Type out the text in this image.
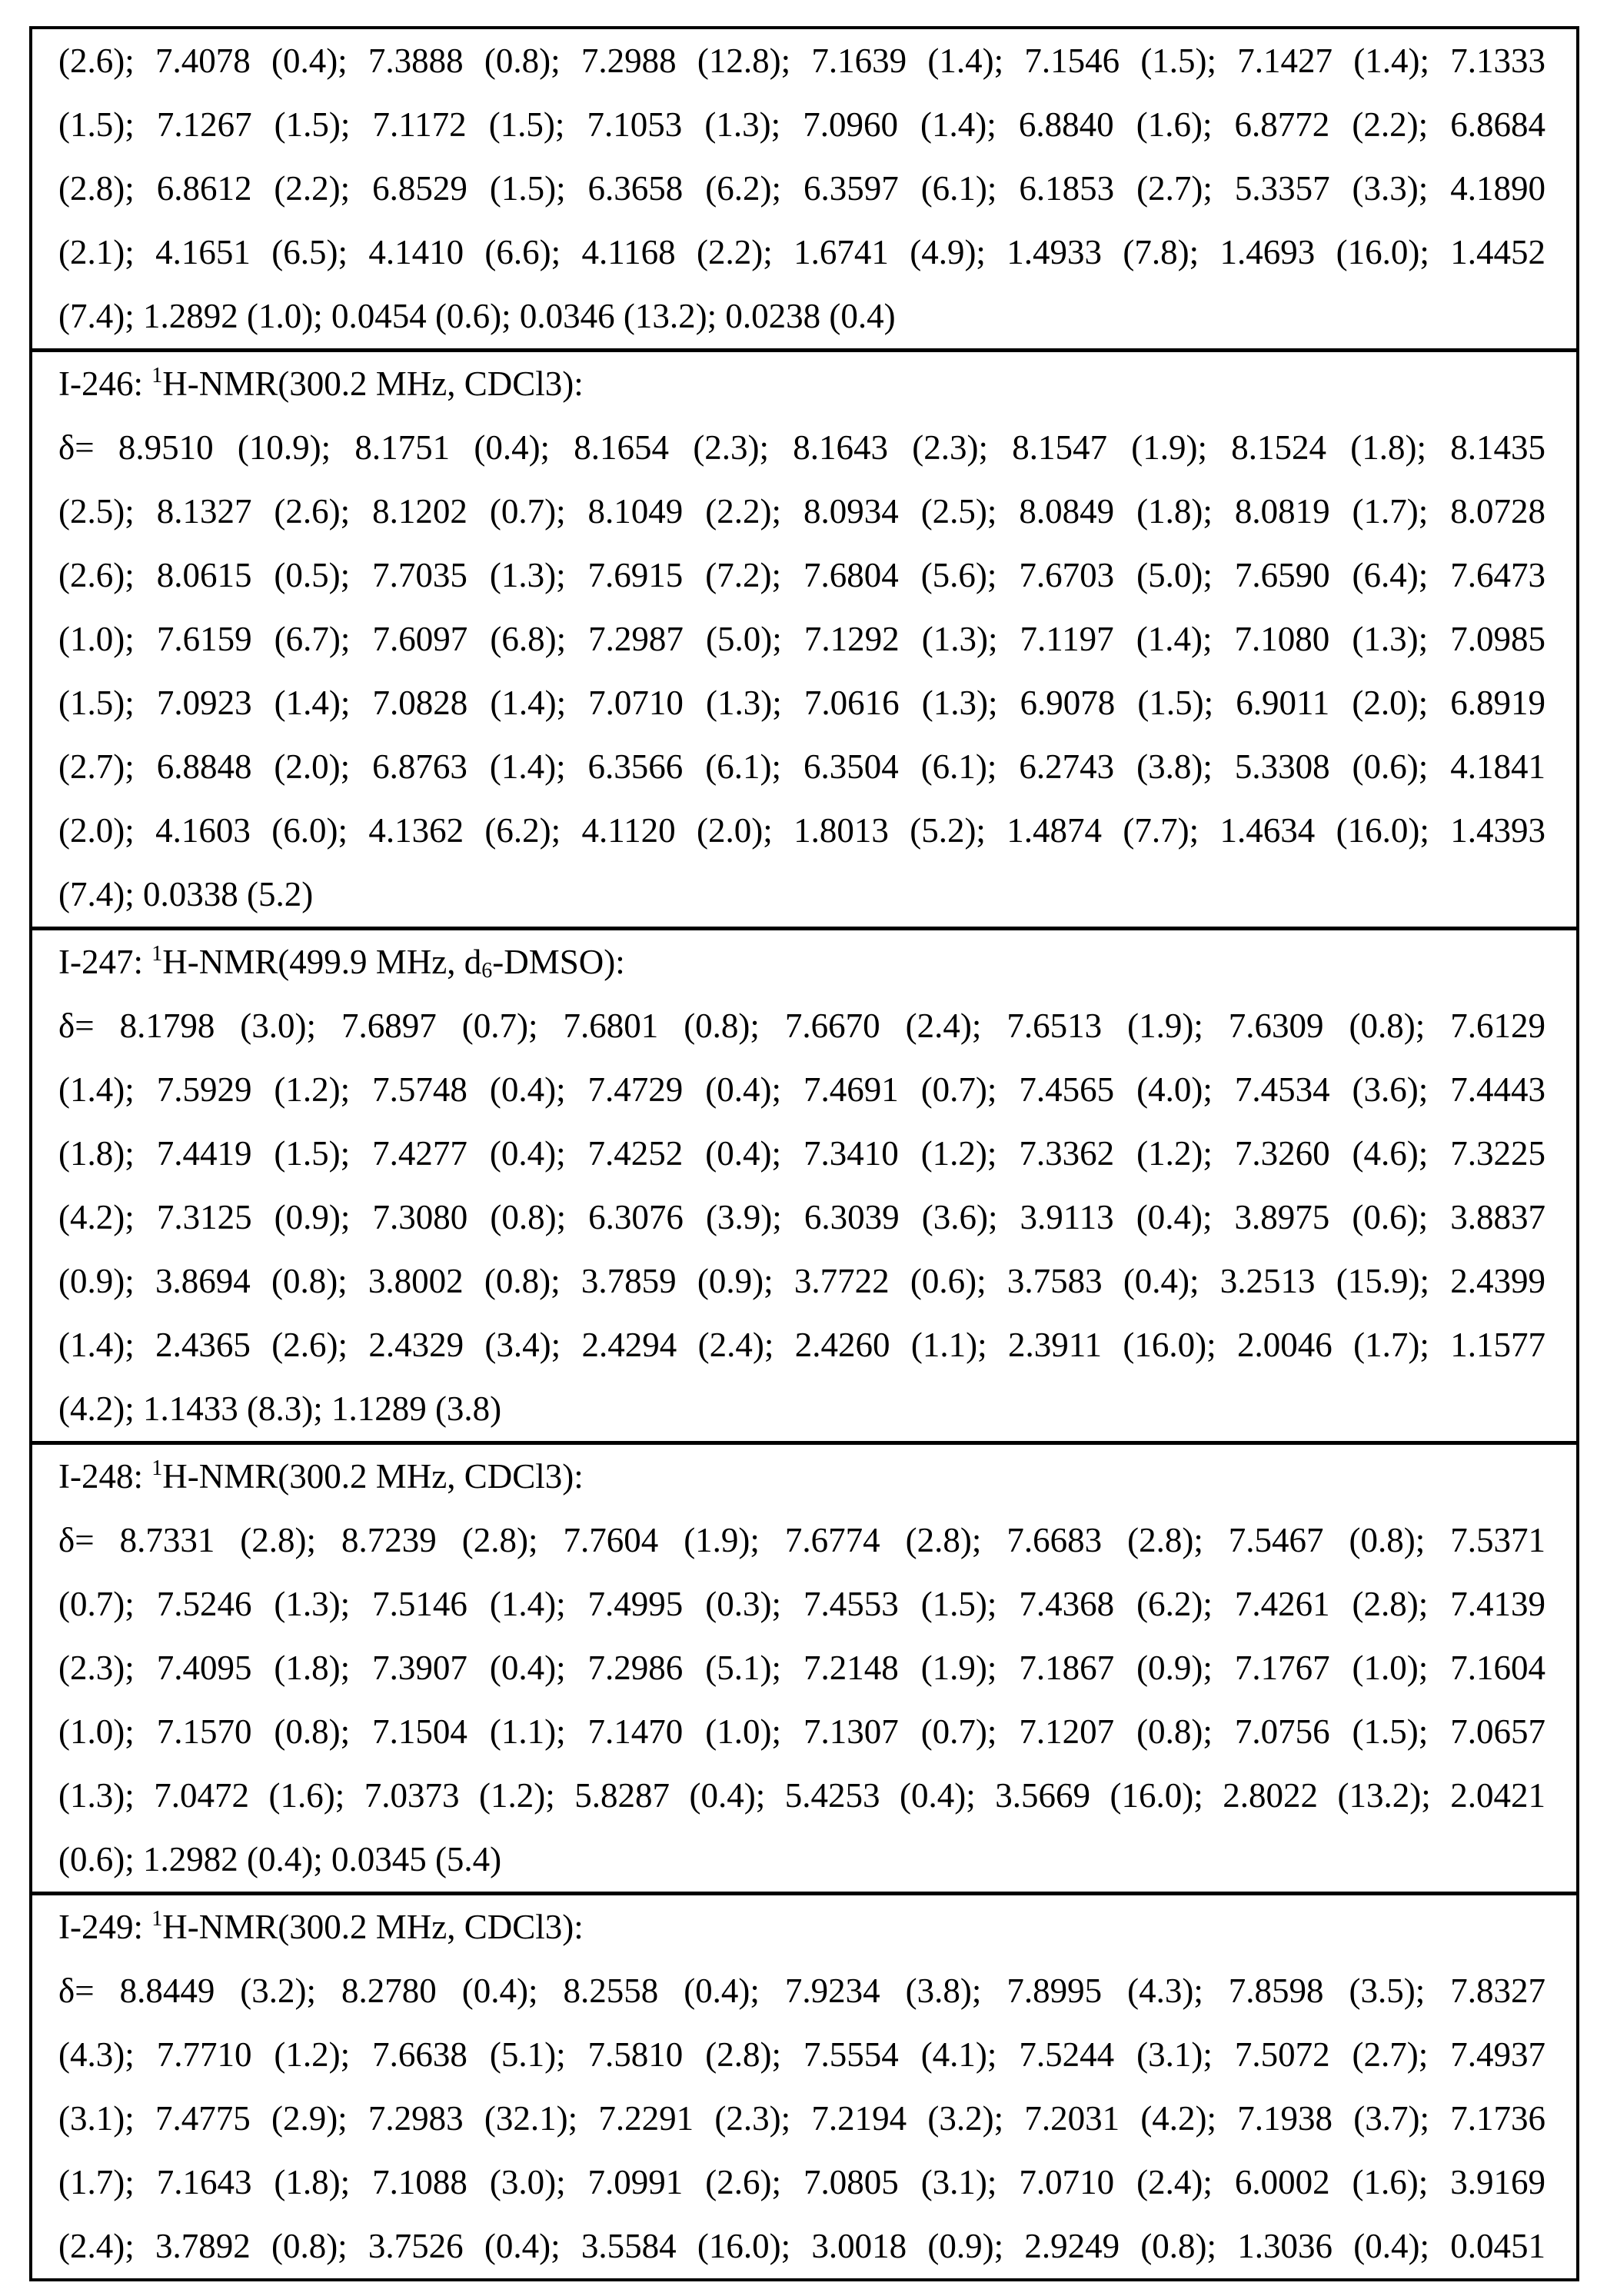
(2.6); 7.4078 (0.4); 7.3888 (0.8); 7.2988 (12.8); 7.1639 (1.4); 7.1546 (1.5); 7.1427 (1.4); 7.1333
(1.5); 7.1267 (1.5); 7.1172 (1.5); 7.1053 (1.3); 7.0960 (1.4); 6.8840 (1.6); 6.8772 (2.2); 6.8684
(2.8); 6.8612 (2.2); 6.8529 (1.5); 6.3658 (6.2); 6.3597 (6.1); 6.1853 (2.7); 5.3357 (3.3); 4.1890
(2.1); 4.1651 (6.5); 4.1410 (6.6); 4.1168 (2.2); 1.6741 (4.9); 1.4933 (7.8); 1.4693 (16.0); 1.4452
(7.4); 1.2892 (1.0); 0.0454 (0.6); 0.0346 (13.2); 0.0238 (0.4)
I-246: $^1$H-NMR(300.2 MHz, CDCl3):
δ= 8.9510 (10.9); 8.1751 (0.4); 8.1654 (2.3); 8.1643 (2.3); 8.1547 (1.9); 8.1524 (1.8); 8.1435
(2.5); 8.1327 (2.6); 8.1202 (0.7); 8.1049 (2.2); 8.0934 (2.5); 8.0849 (1.8); 8.0819 (1.7); 8.0728
(2.6); 8.0615 (0.5); 7.7035 (1.3); 7.6915 (7.2); 7.6804 (5.6); 7.6703 (5.0); 7.6590 (6.4); 7.6473
(1.0); 7.6159 (6.7); 7.6097 (6.8); 7.2987 (5.0); 7.1292 (1.3); 7.1197 (1.4); 7.1080 (1.3); 7.0985
(1.5); 7.0923 (1.4); 7.0828 (1.4); 7.0710 (1.3); 7.0616 (1.3); 6.9078 (1.5); 6.9011 (2.0); 6.8919
(2.7); 6.8848 (2.0); 6.8763 (1.4); 6.3566 (6.1); 6.3504 (6.1); 6.2743 (3.8); 5.3308 (0.6); 4.1841
(2.0); 4.1603 (6.0); 4.1362 (6.2); 4.1120 (2.0); 1.8013 (5.2); 1.4874 (7.7); 1.4634 (16.0); 1.4393
(7.4); 0.0338 (5.2)
I-247: $^1$H-NMR(499.9 MHz, d6-DMSO):
δ= 8.1798 (3.0); 7.6897 (0.7); 7.6801 (0.8); 7.6670 (2.4); 7.6513 (1.9); 7.6309 (0.8); 7.6129
(1.4); 7.5929 (1.2); 7.5748 (0.4); 7.4729 (0.4); 7.4691 (0.7); 7.4565 (4.0); 7.4534 (3.6); 7.4443
(1.8); 7.4419 (1.5); 7.4277 (0.4); 7.4252 (0.4); 7.3410 (1.2); 7.3362 (1.2); 7.3260 (4.6); 7.3225
(4.2); 7.3125 (0.9); 7.3080 (0.8); 6.3076 (3.9); 6.3039 (3.6); 3.9113 (0.4); 3.8975 (0.6); 3.8837
(0.9); 3.8694 (0.8); 3.8002 (0.8); 3.7859 (0.9); 3.7722 (0.6); 3.7583 (0.4); 3.2513 (15.9); 2.4399
(1.4); 2.4365 (2.6); 2.4329 (3.4); 2.4294 (2.4); 2.4260 (1.1); 2.3911 (16.0); 2.0046 (1.7); 1.1577
(4.2); 1.1433 (8.3); 1.1289 (3.8)
I-248: $^1$H-NMR(300.2 MHz, CDCl3):
δ= 8.7331 (2.8); 8.7239 (2.8); 7.7604 (1.9); 7.6774 (2.8); 7.6683 (2.8); 7.5467 (0.8); 7.5371
(0.7); 7.5246 (1.3); 7.5146 (1.4); 7.4995 (0.3); 7.4553 (1.5); 7.4368 (6.2); 7.4261 (2.8); 7.4139
(2.3); 7.4095 (1.8); 7.3907 (0.4); 7.2986 (5.1); 7.2148 (1.9); 7.1867 (0.9); 7.1767 (1.0); 7.1604
(1.0); 7.1570 (0.8); 7.1504 (1.1); 7.1470 (1.0); 7.1307 (0.7); 7.1207 (0.8); 7.0756 (1.5); 7.0657
(1.3); 7.0472 (1.6); 7.0373 (1.2); 5.8287 (0.4); 5.4253 (0.4); 3.5669 (16.0); 2.8022 (13.2); 2.0421
(0.6); 1.2982 (0.4); 0.0345 (5.4)
I-249: $^1$H-NMR(300.2 MHz, CDCl3):
δ= 8.8449 (3.2); 8.2780 (0.4); 8.2558 (0.4); 7.9234 (3.8); 7.8995 (4.3); 7.8598 (3.5); 7.8327
(4.3); 7.7710 (1.2); 7.6638 (5.1); 7.5810 (2.8); 7.5554 (4.1); 7.5244 (3.1); 7.5072 (2.7); 7.4937
(3.1); 7.4775 (2.9); 7.2983 (32.1); 7.2291 (2.3); 7.2194 (3.2); 7.2031 (4.2); 7.1938 (3.7); 7.1736
(1.7); 7.1643 (1.8); 7.1088 (3.0); 7.0991 (2.6); 7.0805 (3.1); 7.0710 (2.4); 6.0002 (1.6); 3.9169
(2.4); 3.7892 (0.8); 3.7526 (0.4); 3.5584 (16.0); 3.0018 (0.9); 2.9249 (0.8); 1.3036 (0.4); 0.0451
